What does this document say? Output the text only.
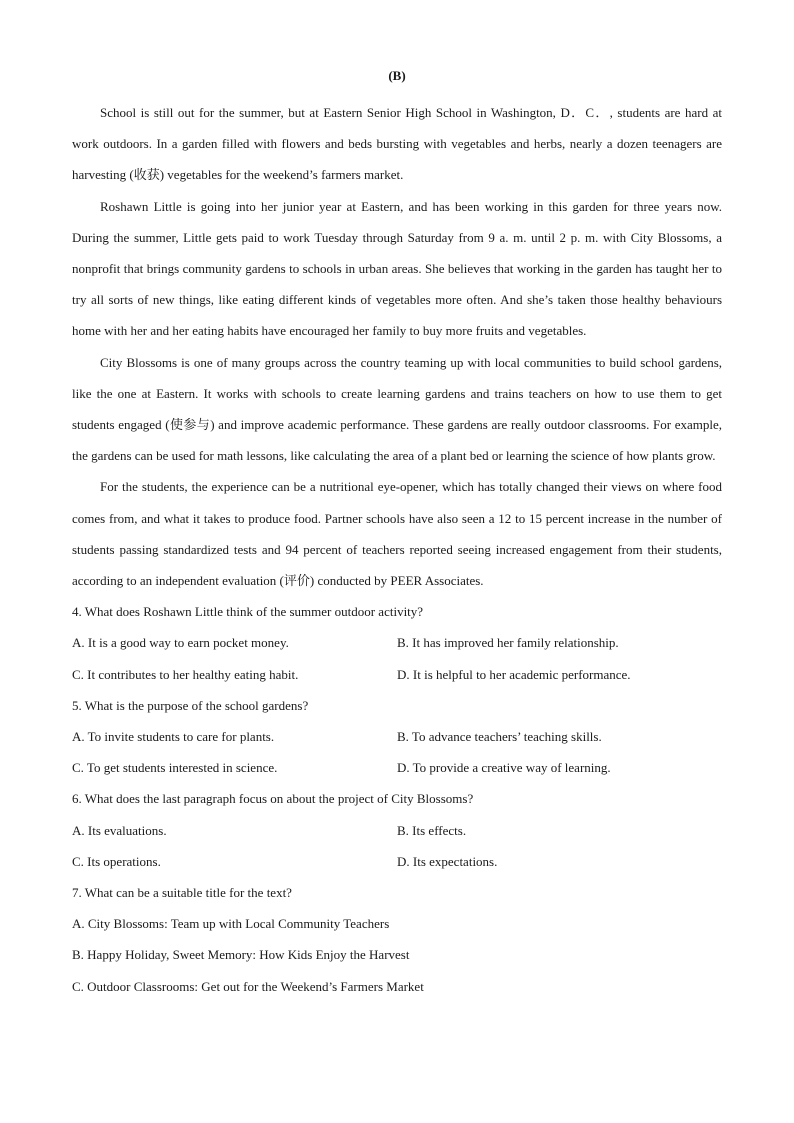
(B)

School is still out for the summer, but at Eastern Senior High School in Washington, D．C．, students are hard at work outdoors. In a garden filled with flowers and beds bursting with vegetables and herbs, nearly a dozen teenagers are harvesting (收获) vegetables for the weekend’s farmers market.

Roshawn Little is going into her junior year at Eastern, and has been working in this garden for three years now. During the summer, Little gets paid to work Tuesday through Saturday from 9 a. m. until 2 p. m. with City Blossoms, a nonprofit that brings community gardens to schools in urban areas. She believes that working in the garden has taught her to try all sorts of new things, like eating different kinds of vegetables more often. And she’s taken those healthy behaviours home with her and her eating habits have encouraged her family to buy more fruits and vegetables.

City Blossoms is one of many groups across the country teaming up with local communities to build school gardens, like the one at Eastern. It works with schools to create learning gardens and trains teachers on how to use them to get students engaged (使参与) and improve academic performance. These gardens are really outdoor classrooms. For example, the gardens can be used for math lessons, like calculating the area of a plant bed or learning the science of how plants grow.

For the students, the experience can be a nutritional eye-opener, which has totally changed their views on where food comes from, and what it takes to produce food. Partner schools have also seen a 12 to 15 percent increase in the number of students passing standardized tests and 94 percent of teachers reported seeing increased engagement from their students, according to an independent evaluation (评价) conducted by PEER Associates.

4. What does Roshawn Little think of the summer outdoor activity?

A. It is a good way to earn pocket money.	B. It has improved her family relationship.
C. It contributes to her healthy eating habit.	D. It is helpful to her academic performance.

5. What is the purpose of the school gardens?

A. To invite students to care for plants.	B. To advance teachers’ teaching skills.
C. To get students interested in science.	D. To provide a creative way of learning.

6. What does the last paragraph focus on about the project of City Blossoms?

A. Its evaluations.	B. Its effects.
C. Its operations.	D. Its expectations.

7. What can be a suitable title for the text?

A. City Blossoms: Team up with Local Community Teachers
B. Happy Holiday, Sweet Memory: How Kids Enjoy the Harvest
C. Outdoor Classrooms: Get out for the Weekend’s Farmers Market
